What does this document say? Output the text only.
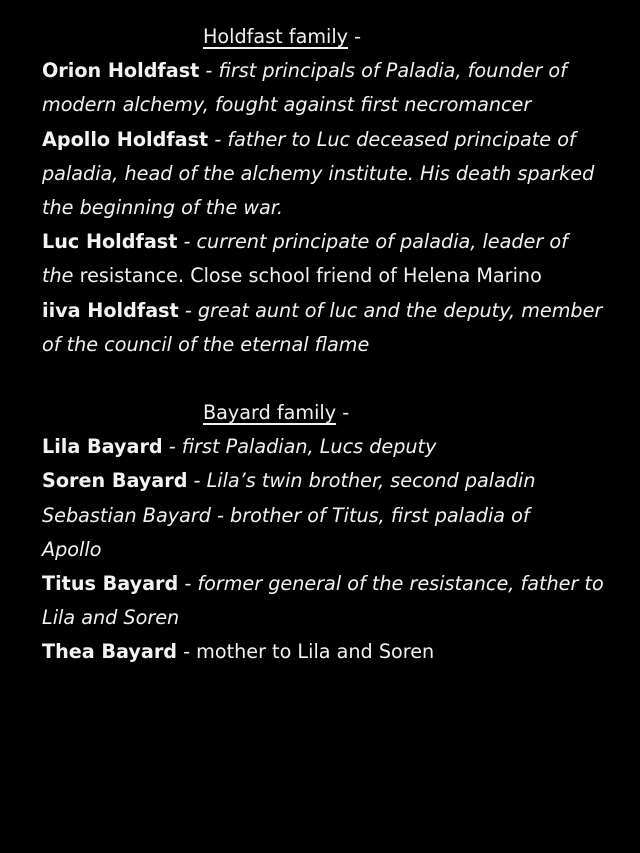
Holdfast family -
Orion Holdfast - first principals of Paladia, founder of
modern alchemy, fought against first necromancer
Apollo Holdfast - father to Luc deceased principate of
paladia, head of the alchemy institute. His death sparked
the beginning of the war.
Luc Holdfast - current principate of paladia, leader of
the resistance. Close school friend of Helena Marino
iiva Holdfast - great aunt of luc and the deputy, member
of the council of the eternal flame
Bayard family -
Lila Bayard - first Paladian, Lucs deputy
Soren Bayard - Lila’s twin brother, second paladin
Sebastian Bayard - brother of Titus, first paladia of
Apollo
Titus Bayard - former general of the resistance, father to
Lila and Soren
Thea Bayard - mother to Lila and Soren
